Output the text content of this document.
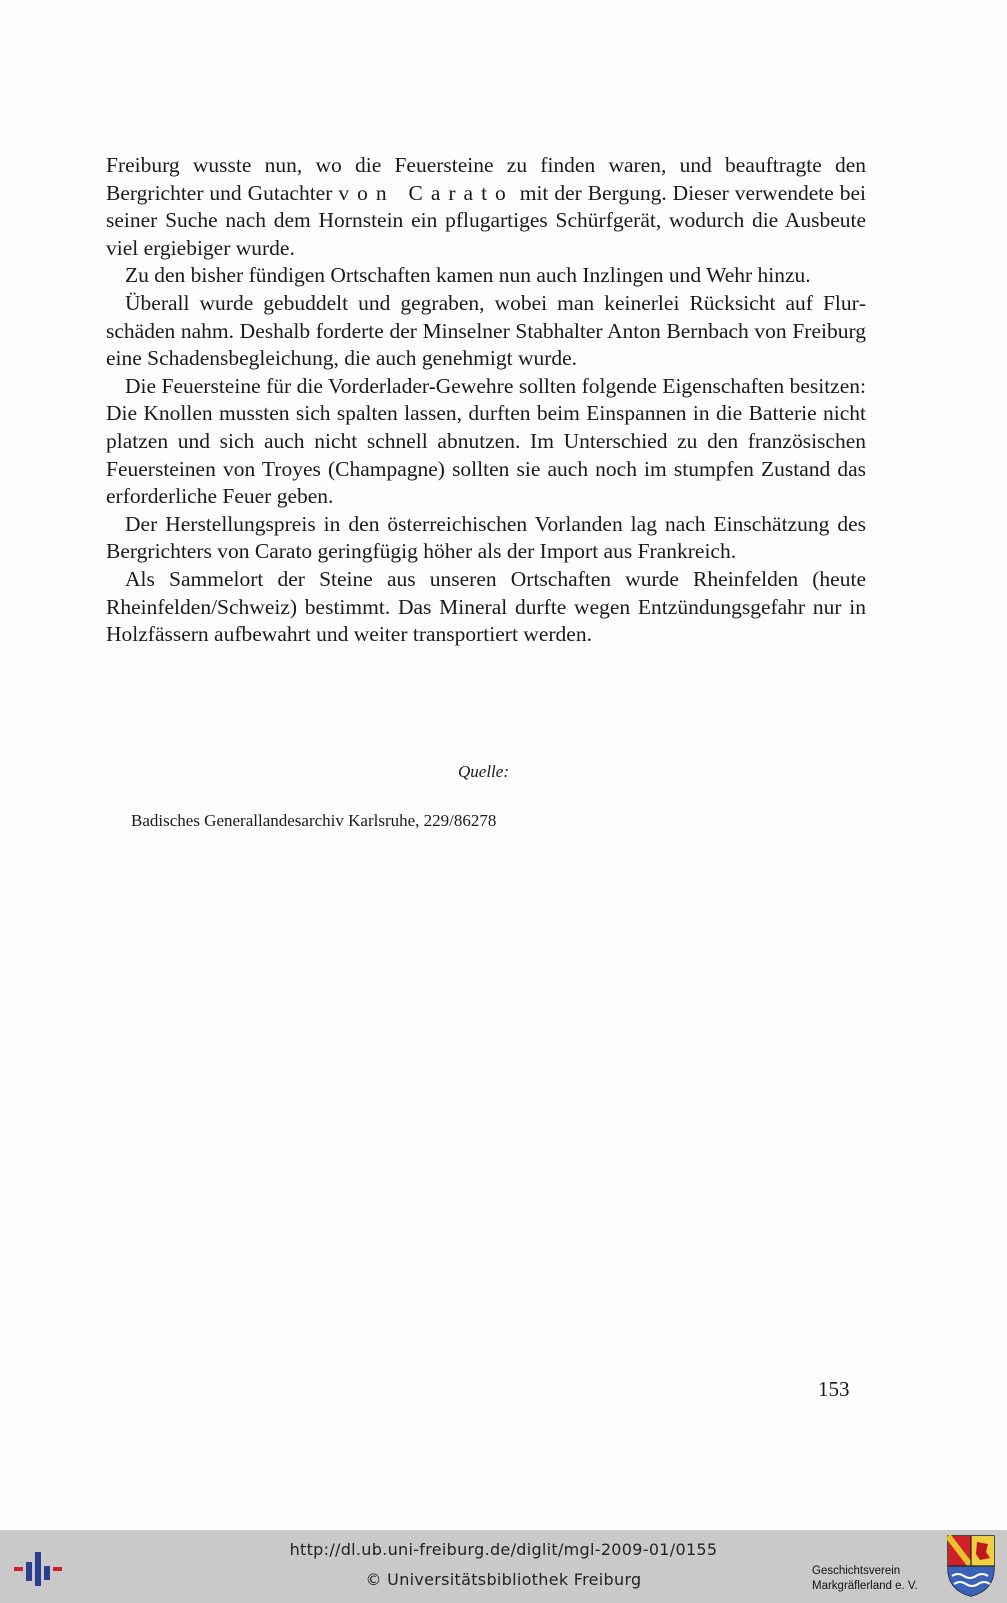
Freiburg wusste nun, wo die Feuersteine zu finden waren, und beauftragte den Bergrichter und Gutachter von Carato mit der Bergung. Dieser verwendete bei seiner Suche nach dem Hornstein ein pflugartiges Schürfgerät, wodurch die Ausbeute viel ergiebiger wurde.

Zu den bisher fündigen Ortschaften kamen nun auch Inzlingen und Wehr hinzu.

Überall wurde gebuddelt und gegraben, wobei man keinerlei Rücksicht auf Flurschäden nahm. Deshalb forderte der Minselner Stabhalter Anton Bernbach von Freiburg eine Schadensbegleichung, die auch genehmigt wurde.

Die Feuersteine für die Vorderlader-Gewehre sollten folgende Eigenschaften besitzen: Die Knollen mussten sich spalten lassen, durften beim Einspannen in die Batterie nicht platzen und sich auch nicht schnell abnutzen. Im Unterschied zu den französischen Feuersteinen von Troyes (Champagne) sollten sie auch noch im stumpfen Zustand das erforderliche Feuer geben.

Der Herstellungspreis in den österreichischen Vorlanden lag nach Einschätzung des Bergrichters von Carato geringfügig höher als der Import aus Frankreich.

Als Sammelort der Steine aus unseren Ortschaften wurde Rheinfelden (heute Rheinfelden/Schweiz) bestimmt. Das Mineral durfte wegen Entzündungsgefahr nur in Holzfässern aufbewahrt und weiter transportiert werden.

Quelle:
Badisches Generallandesarchiv Karlsruhe, 229/86278
153
http://dl.ub.uni-freiburg.de/diglit/mgl-2009-01/0155
© Universitätsbibliothek Freiburg	Geschichtsverein
Markgräflerland e. V.
